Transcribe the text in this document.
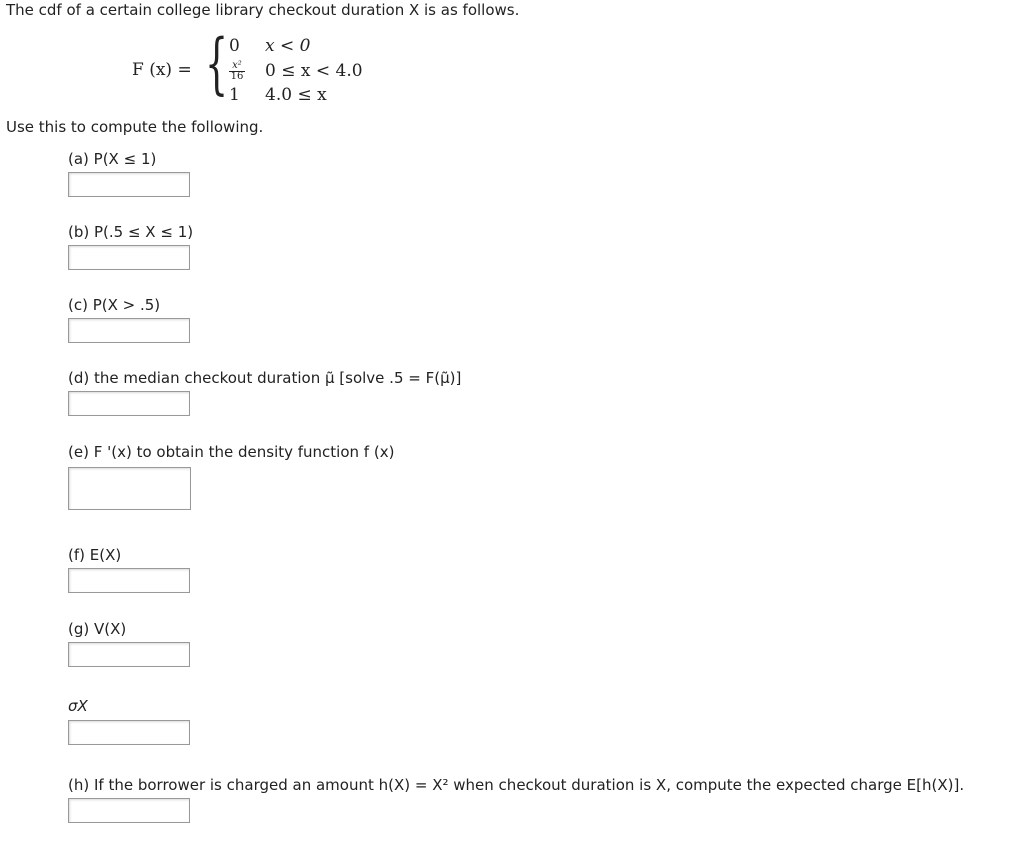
The cdf of a certain college library checkout duration X is as follows.
F (x) = { 0 x < 0
$\frac{\text{x²}}{16} 0 \le x < 4.0$
1 4.0 ≤ x
Use this to compute the following.
(a) P(X ≤ 1)
(b) P(.5 ≤ X ≤ 1)
(c) P(X > .5)
(d) the median checkout duration μ̃ [solve .5 = F(μ̃)]
(e) F '(x) to obtain the density function f (x)
(f) E(X)
(g) V(X)
σX
(h) If the borrower is charged an amount h(X) = X² when checkout duration is X, compute the expected charge E[h(X)].
